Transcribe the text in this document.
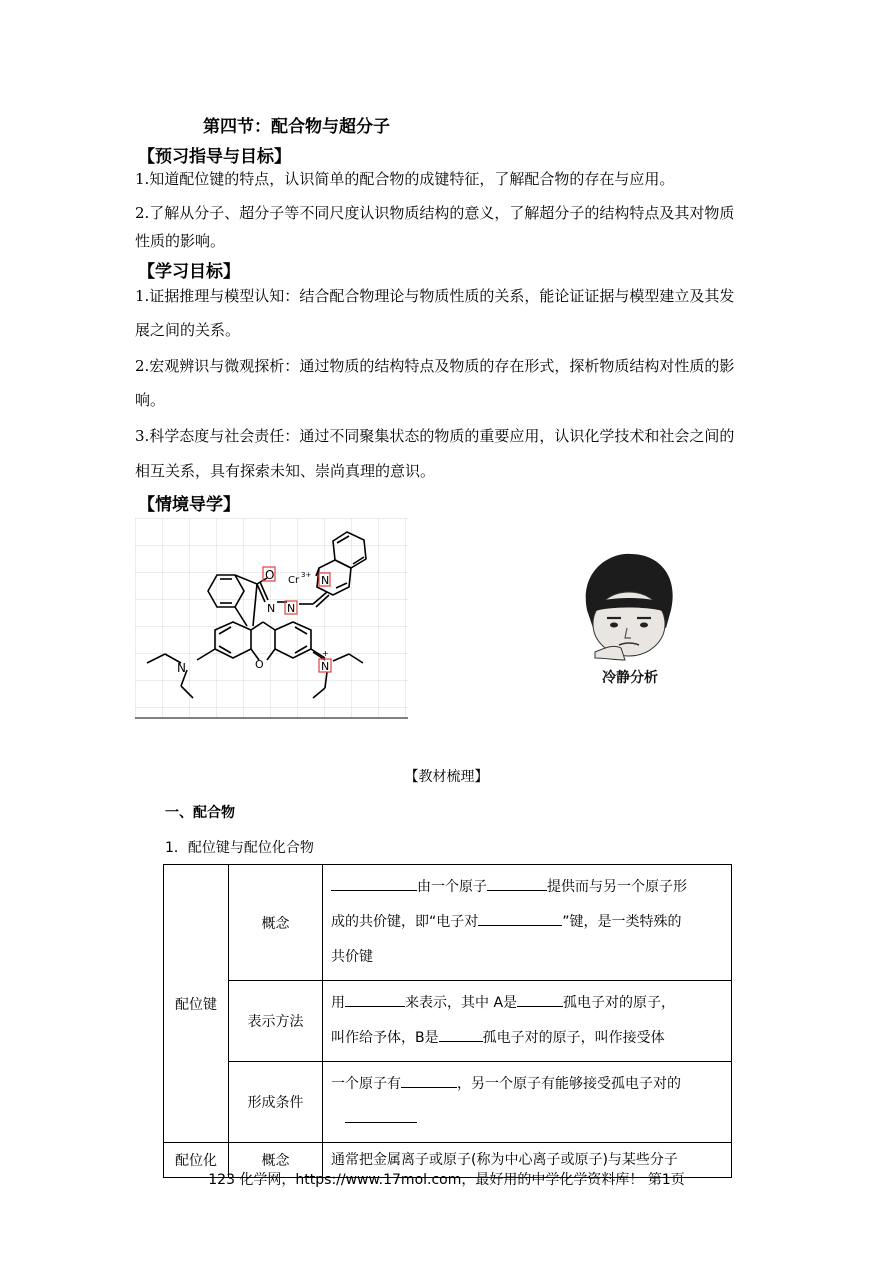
第四节：配合物与超分子
【预习指导与目标】
1.知道配位键的特点，认识简单的配合物的成键特征，了解配合物的存在与应用。
2.了解从分子、超分子等不同尺度认识物质结构的意义，了解超分子的结构特点及其对物质
性质的影响。
【学习目标】
1.证据推理与模型认知：结合配合物理论与物质性质的关系，能论证证据与模型建立及其发
展之间的关系。
2.宏观辨识与微观探析：通过物质的结构特点及物质的存在形式，探析物质结构对性质的影
响。
3.科学态度与社会责任：通过不同聚集状态的物质的重要应用，认识化学技术和社会之间的
相互关系，具有探索未知、崇尚真理的意识。
【情境导学】
O Cr 3+ N
N N
O
N	N
+
冷静分析
【教材梳理】
一、配合物
1．配位键与配位化合物
配位键	概念	由一个原子 提供而与另一个原子形
成的共价键，即“电子对 ”键，是一类特殊的
共价键
	表示方法	用 来表示，其中 A是 孤电子对的原子，
叫作给予体，B是 孤电子对的原子，叫作接受体
	形成条件	一个原子有 ，另一个原子有能够接受孤电子对的

配位化	概念	通常把金属离子或原子(称为中心离子或原子)与某些分子
123 化学网，https://www.17mol.com，最好用的中学化学资料库！ 第1页
